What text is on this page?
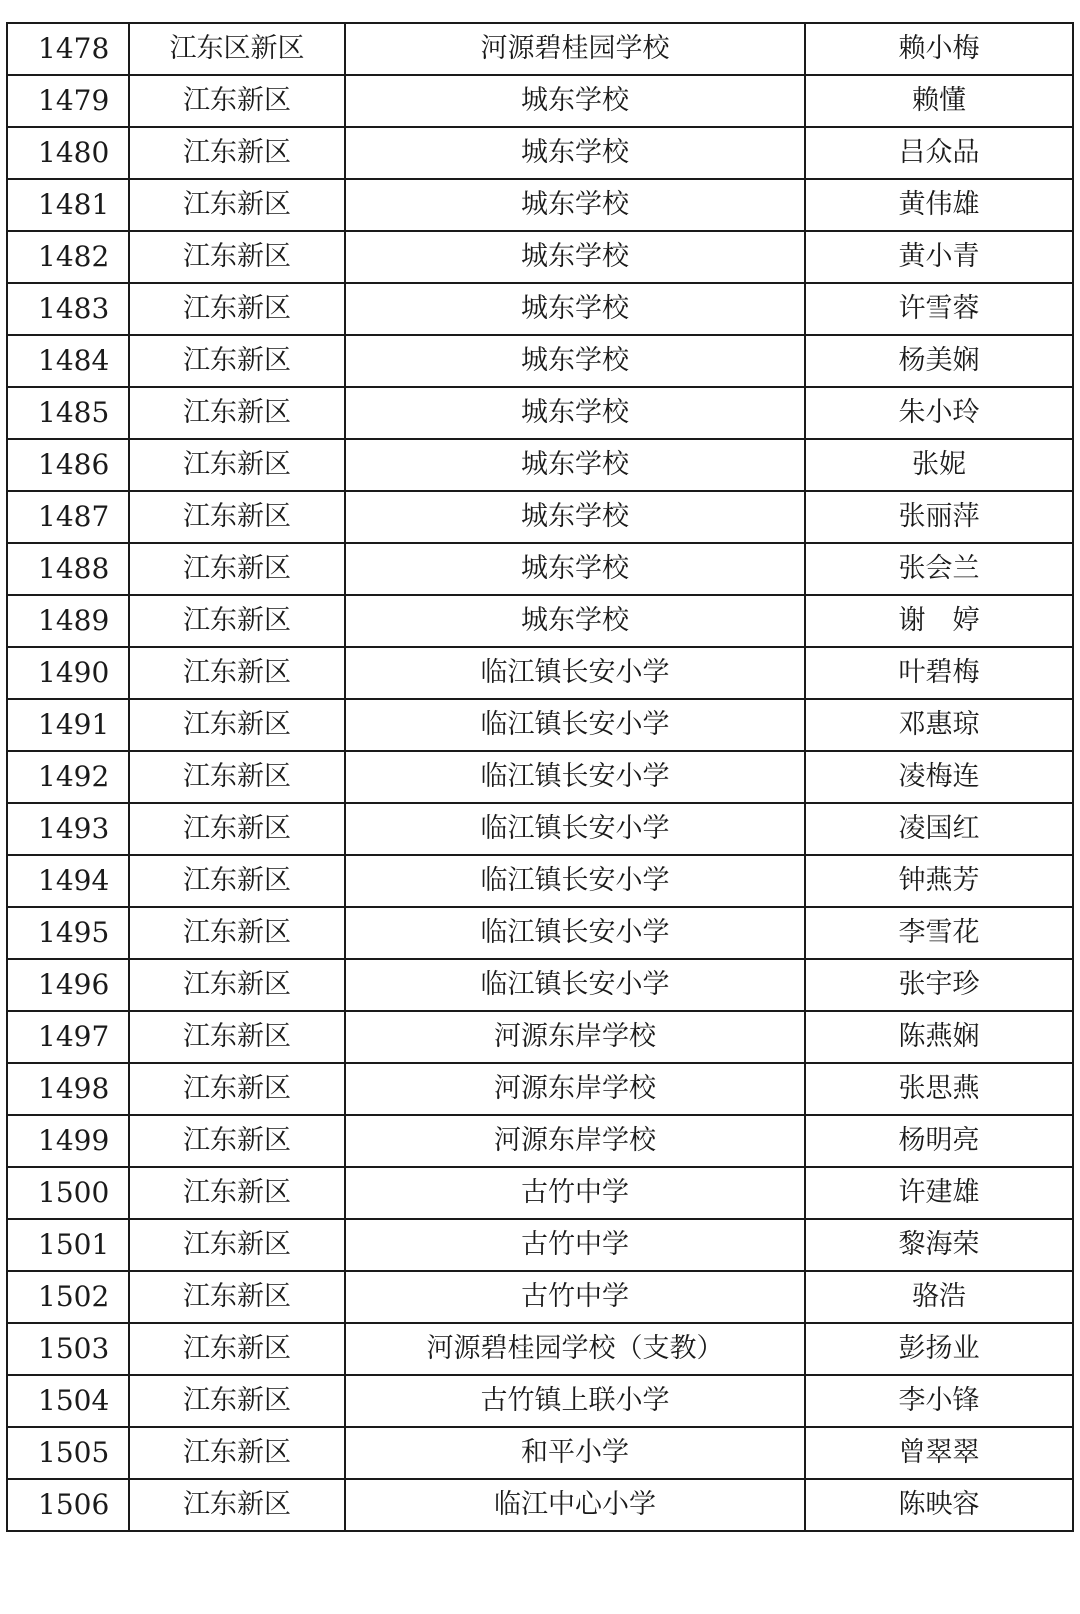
1478	江东区新区	河源碧桂园学校	赖小梅
1479	江东新区	城东学校	赖懂
1480	江东新区	城东学校	吕众品
1481	江东新区	城东学校	黄伟雄
1482	江东新区	城东学校	黄小青
1483	江东新区	城东学校	许雪蓉
1484	江东新区	城东学校	杨美娴
1485	江东新区	城东学校	朱小玲
1486	江东新区	城东学校	张妮
1487	江东新区	城东学校	张丽萍
1488	江东新区	城东学校	张会兰
1489	江东新区	城东学校	谢　婷
1490	江东新区	临江镇长安小学	叶碧梅
1491	江东新区	临江镇长安小学	邓惠琼
1492	江东新区	临江镇长安小学	凌梅连
1493	江东新区	临江镇长安小学	凌国红
1494	江东新区	临江镇长安小学	钟燕芳
1495	江东新区	临江镇长安小学	李雪花
1496	江东新区	临江镇长安小学	张宇珍
1497	江东新区	河源东岸学校	陈燕娴
1498	江东新区	河源东岸学校	张思燕
1499	江东新区	河源东岸学校	杨明亮
1500	江东新区	古竹中学	许建雄
1501	江东新区	古竹中学	黎海荣
1502	江东新区	古竹中学	骆浩
1503	江东新区	河源碧桂园学校（支教）	彭扬业
1504	江东新区	古竹镇上联小学	李小锋
1505	江东新区	和平小学	曾翠翠
1506	江东新区	临江中心小学	陈映容
